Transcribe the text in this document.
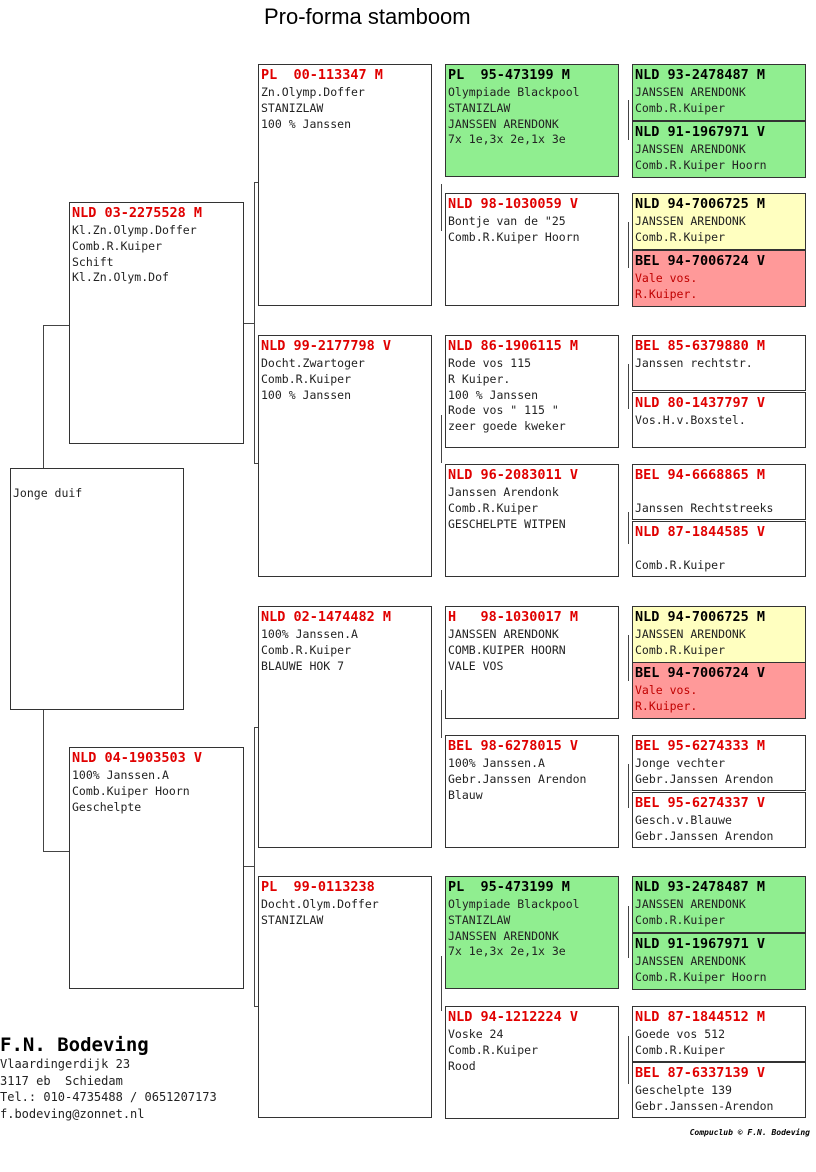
Pro-forma stamboom
Jonge duif
NLD 03-2275528 M
Kl.Zn.Olymp.Doffer
Comb.R.Kuiper
Schift
Kl.Zn.Olym.Dof
NLD 04-1903503 V
100% Janssen.A
Comb.Kuiper Hoorn
Geschelpte
PL  00-113347 M
Zn.Olymp.Doffer
STANIZLAW
100 % Janssen
NLD 99-2177798 V
Docht.Zwartoger
Comb.R.Kuiper
100 % Janssen
NLD 02-1474482 M
100% Janssen.A
Comb.R.Kuiper
BLAUWE HOK 7
PL  99-0113238
Docht.Olym.Doffer
STANIZLAW
PL  95-473199 M
Olympiade Blackpool
STANIZLAW
JANSSEN ARENDONK
7x 1e,3x 2e,1x 3e
NLD 98-1030059 V
Bontje van de "25
Comb.R.Kuiper Hoorn
NLD 86-1906115 M
Rode vos 115
R Kuiper.
100 % Janssen
Rode vos " 115 "
zeer goede kweker
NLD 96-2083011 V
Janssen Arendonk
Comb.R.Kuiper
GESCHELPTE WITPEN
H   98-1030017 M
JANSSEN ARENDONK
COMB.KUIPER HOORN
VALE VOS
BEL 98-6278015 V
100% Janssen.A
Gebr.Janssen Arendon
Blauw
PL  95-473199 M
Olympiade Blackpool
STANIZLAW
JANSSEN ARENDONK
7x 1e,3x 2e,1x 3e
NLD 94-1212224 V
Voske 24
Comb.R.Kuiper
Rood
NLD 93-2478487 M
JANSSEN ARENDONK
Comb.R.Kuiper
NLD 91-1967971 V
JANSSEN ARENDONK
Comb.R.Kuiper Hoorn
NLD 94-7006725 M
JANSSEN ARENDONK
Comb.R.Kuiper
BEL 94-7006724 V
Vale vos.
R.Kuiper.
BEL 85-6379880 M
Janssen rechtstr.
NLD 80-1437797 V
Vos.H.v.Boxstel.
BEL 94-6668865 M
Janssen Rechtstreeks
NLD 87-1844585 V
Comb.R.Kuiper
NLD 94-7006725 M
JANSSEN ARENDONK
Comb.R.Kuiper
BEL 94-7006724 V
Vale vos.
R.Kuiper.
BEL 95-6274333 M
Jonge vechter
Gebr.Janssen Arendon
BEL 95-6274337 V
Gesch.v.Blauwe
Gebr.Janssen Arendon
NLD 93-2478487 M
JANSSEN ARENDONK
Comb.R.Kuiper
NLD 91-1967971 V
JANSSEN ARENDONK
Comb.R.Kuiper Hoorn
NLD 87-1844512 M
Goede vos 512
Comb.R.Kuiper
BEL 87-6337139 V
Geschelpte 139
Gebr.Janssen-Arendon
F.N. Bodeving
Vlaardingerdijk 23
3117 eb  Schiedam
Tel.: 010-4735488 / 0651207173
f.bodeving@zonnet.nl
Compuclub © F.N. Bodeving
